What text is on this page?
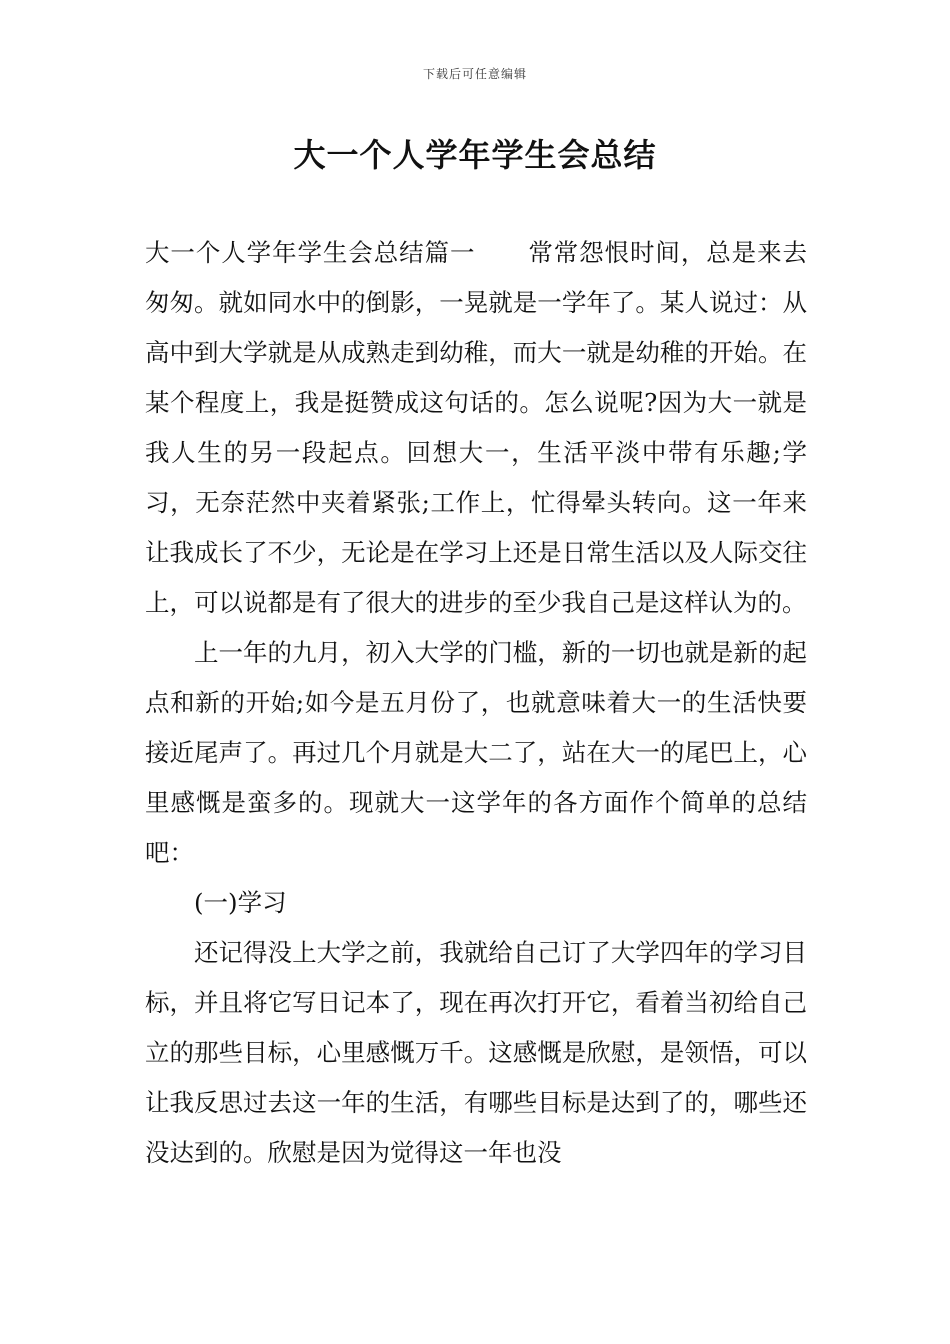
下载后可任意编辑
大一个人学年学生会总结

大一个人学年学生会总结篇一 常常怨恨时间，总是来去匆匆。就如同水中的倒影，一晃就是一学年了。某人说过：从高中到大学就是从成熟走到幼稚，而大一就是幼稚的开始。在某个程度上，我是挺赞成这句话的。怎么说呢?因为大一就是我人生的另一段起点。回想大一，生活平淡中带有乐趣;学习，无奈茫然中夹着紧张;工作上，忙得晕头转向。这一年来让我成长了不少，无论是在学习上还是日常生活以及人际交往上，可以说都是有了很大的进步的至少我自己是这样认为的。

上一年的九月，初入大学的门槛，新的一切也就是新的起点和新的开始;如今是五月份了，也就意味着大一的生活快要接近尾声了。再过几个月就是大二了，站在大一的尾巴上，心里感慨是蛮多的。现就大一这学年的各方面作个简单的总结吧：

(一)学习

还记得没上大学之前，我就给自己订了大学四年的学习目标，并且将它写日记本了，现在再次打开它，看着当初给自己立的那些目标，心里感慨万千。这感慨是欣慰，是领悟，可以让我反思过去这一年的生活，有哪些目标是达到了的，哪些还没达到的。欣慰是因为觉得这一年也没
